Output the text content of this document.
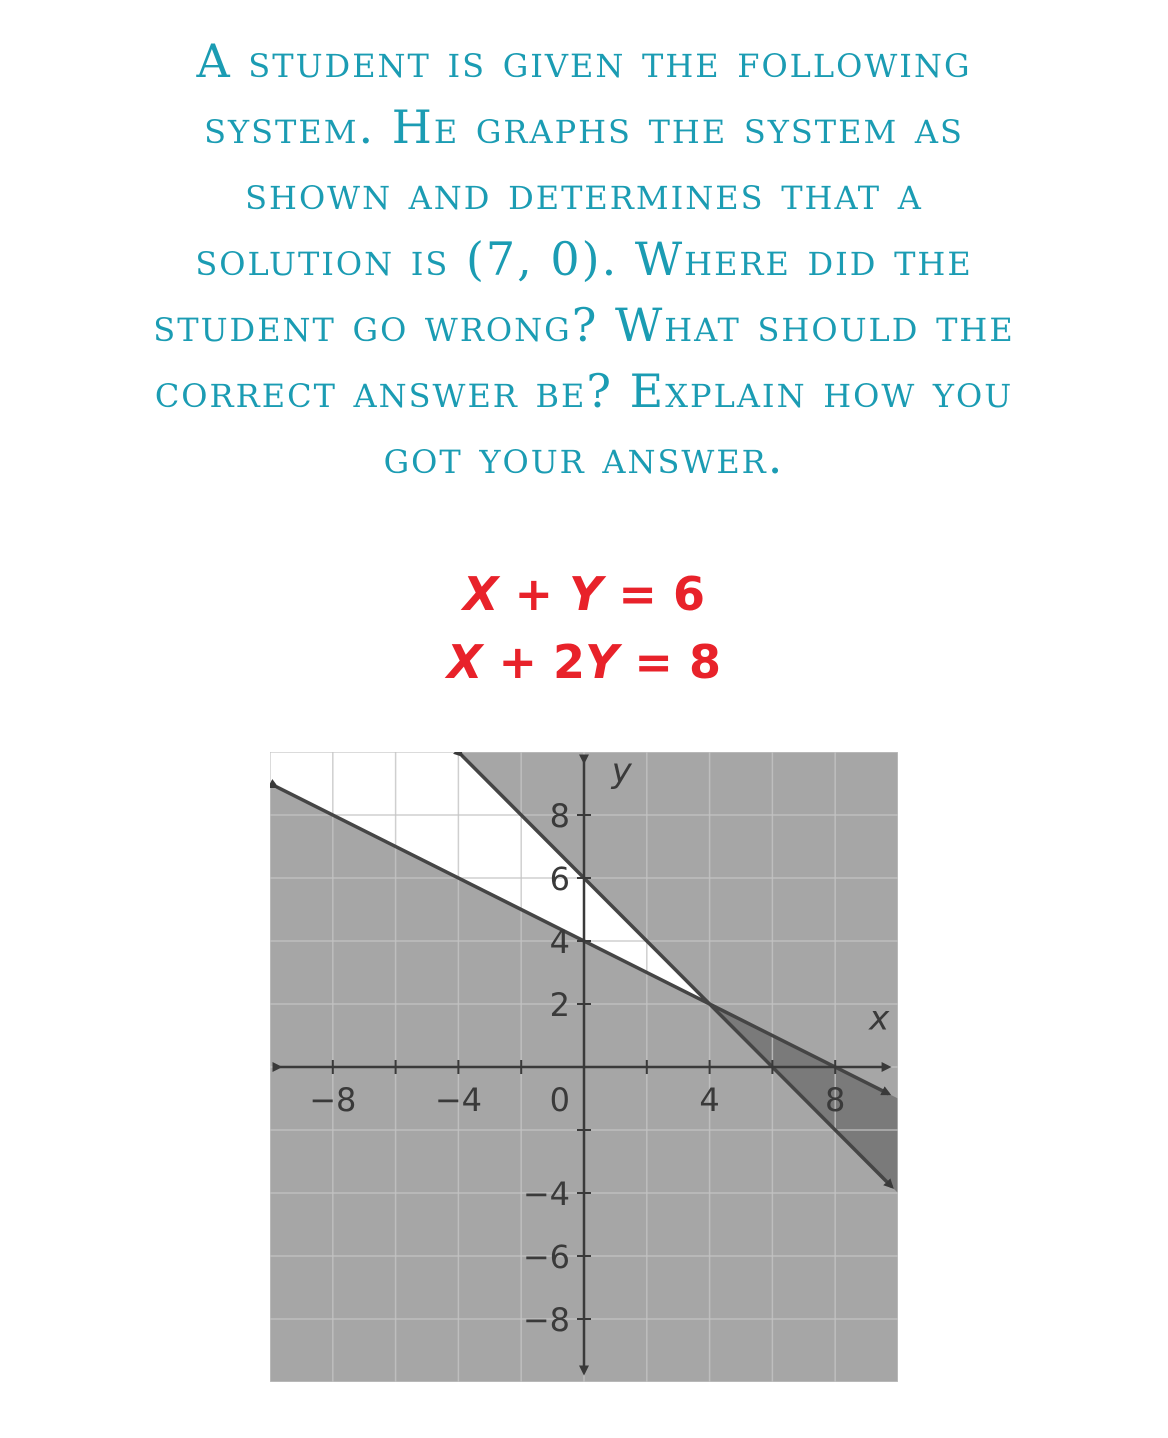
A student is given the following
system. He graphs the system as
shown and determines that a
solution is (7, 0). Where did the
student go wrong? What should the
correct answer be? Explain how you
got your answer.
X + Y = 6
X + 2Y = 8
−8 −4	4	8
8
6
4
2
−4
−6
−8
0
x
y
